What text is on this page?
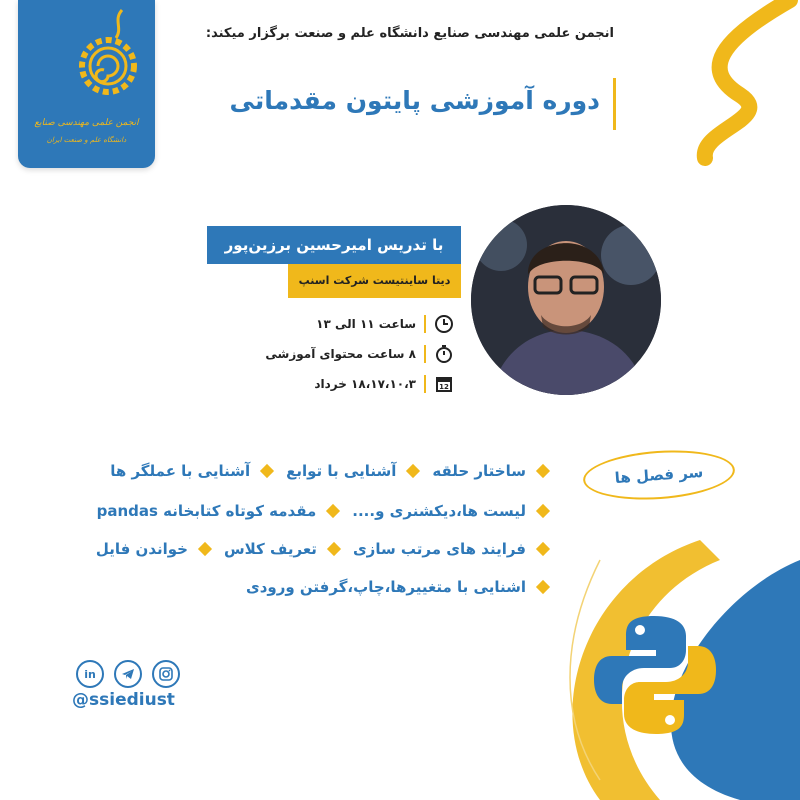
انجمن علمی مهندسی صنایع
دانشگاه علم و صنعت ایران
انجمن علمی مهندسی صنایع دانشگاه علم و صنعت برگزار میکند:
دوره آموزشی پایتون مقدماتی
با تدریس امیرحسین برزین‌پور
دیتا ساینتیست شرکت اسنپ
ساعت ۱۱ الی ۱۳
۸ ساعت محتوای آموزشی
12
۱۸،۱۷،۱۰،۳ خرداد
سر فصل ها
ساختار حلقه
آشنایی با توابع
آشنایی با عملگر ها
لیست ها،دیکشنری و....
مقدمه کوتاه کتابخانه pandas
فرایند های مرتب سازی
تعریف کلاس
خواندن فایل
اشنایی با متغییرها،چاپ،گرفتن ورودی
in
@ssiediust
